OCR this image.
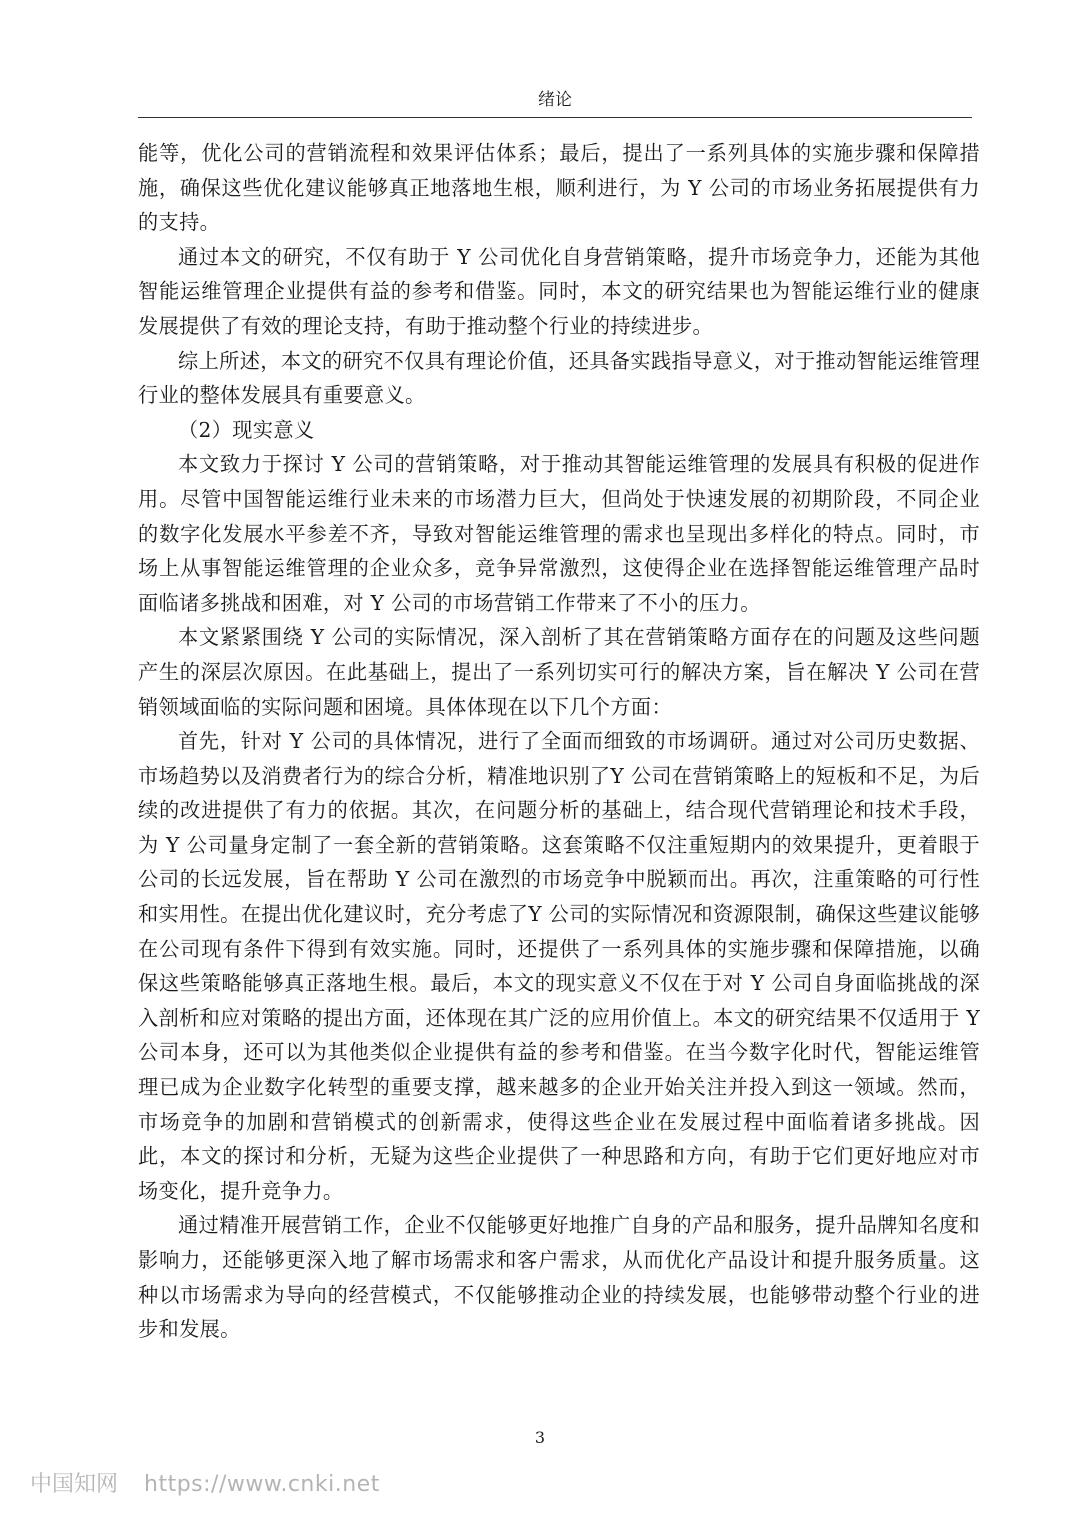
绪论

能等，优化公司的营销流程和效果评估体系；最后，提出了一系列具体的实施步骤和保障措施，确保这些优化建议能够真正地落地生根，顺利进行，为 Y 公司的市场业务拓展提供有力的支持。

通过本文的研究，不仅有助于 Y 公司优化自身营销策略，提升市场竞争力，还能为其他智能运维管理企业提供有益的参考和借鉴。同时，本文的研究结果也为智能运维行业的健康发展提供了有效的理论支持，有助于推动整个行业的持续进步。

综上所述，本文的研究不仅具有理论价值，还具备实践指导意义，对于推动智能运维管理行业的整体发展具有重要意义。

（2）现实意义

本文致力于探讨 Y 公司的营销策略，对于推动其智能运维管理的发展具有积极的促进作用。尽管中国智能运维行业未来的市场潜力巨大，但尚处于快速发展的初期阶段，不同企业的数字化发展水平参差不齐，导致对智能运维管理的需求也呈现出多样化的特点。同时，市场上从事智能运维管理的企业众多，竞争异常激烈，这使得企业在选择智能运维管理产品时面临诸多挑战和困难，对 Y 公司的市场营销工作带来了不小的压力。

本文紧紧围绕 Y 公司的实际情况，深入剖析了其在营销策略方面存在的问题及这些问题产生的深层次原因。在此基础上，提出了一系列切实可行的解决方案，旨在解决 Y 公司在营销领域面临的实际问题和困境。具体体现在以下几个方面：

首先，针对 Y 公司的具体情况，进行了全面而细致的市场调研。通过对公司历史数据、市场趋势以及消费者行为的综合分析，精准地识别了Y 公司在营销策略上的短板和不足，为后续的改进提供了有力的依据。其次，在问题分析的基础上，结合现代营销理论和技术手段，为 Y 公司量身定制了一套全新的营销策略。这套策略不仅注重短期内的效果提升，更着眼于公司的长远发展，旨在帮助 Y 公司在激烈的市场竞争中脱颖而出。再次，注重策略的可行性和实用性。在提出优化建议时，充分考虑了Y 公司的实际情况和资源限制，确保这些建议能够在公司现有条件下得到有效实施。同时，还提供了一系列具体的实施步骤和保障措施，以确保这些策略能够真正落地生根。最后，本文的现实意义不仅在于对 Y 公司自身面临挑战的深入剖析和应对策略的提出方面，还体现在其广泛的应用价值上。本文的研究结果不仅适用于 Y 公司本身，还可以为其他类似企业提供有益的参考和借鉴。在当今数字化时代，智能运维管理已成为企业数字化转型的重要支撑，越来越多的企业开始关注并投入到这一领域。然而，市场竞争的加剧和营销模式的创新需求，使得这些企业在发展过程中面临着诸多挑战。因此，本文的探讨和分析，无疑为这些企业提供了一种思路和方向，有助于它们更好地应对市场变化，提升竞争力。

通过精准开展营销工作，企业不仅能够更好地推广自身的产品和服务，提升品牌知名度和影响力，还能够更深入地了解市场需求和客户需求，从而优化产品设计和提升服务质量。这种以市场需求为导向的经营模式，不仅能够推动企业的持续发展，也能够带动整个行业的进步和发展。

3
中国知网 https://www.cnki.net
